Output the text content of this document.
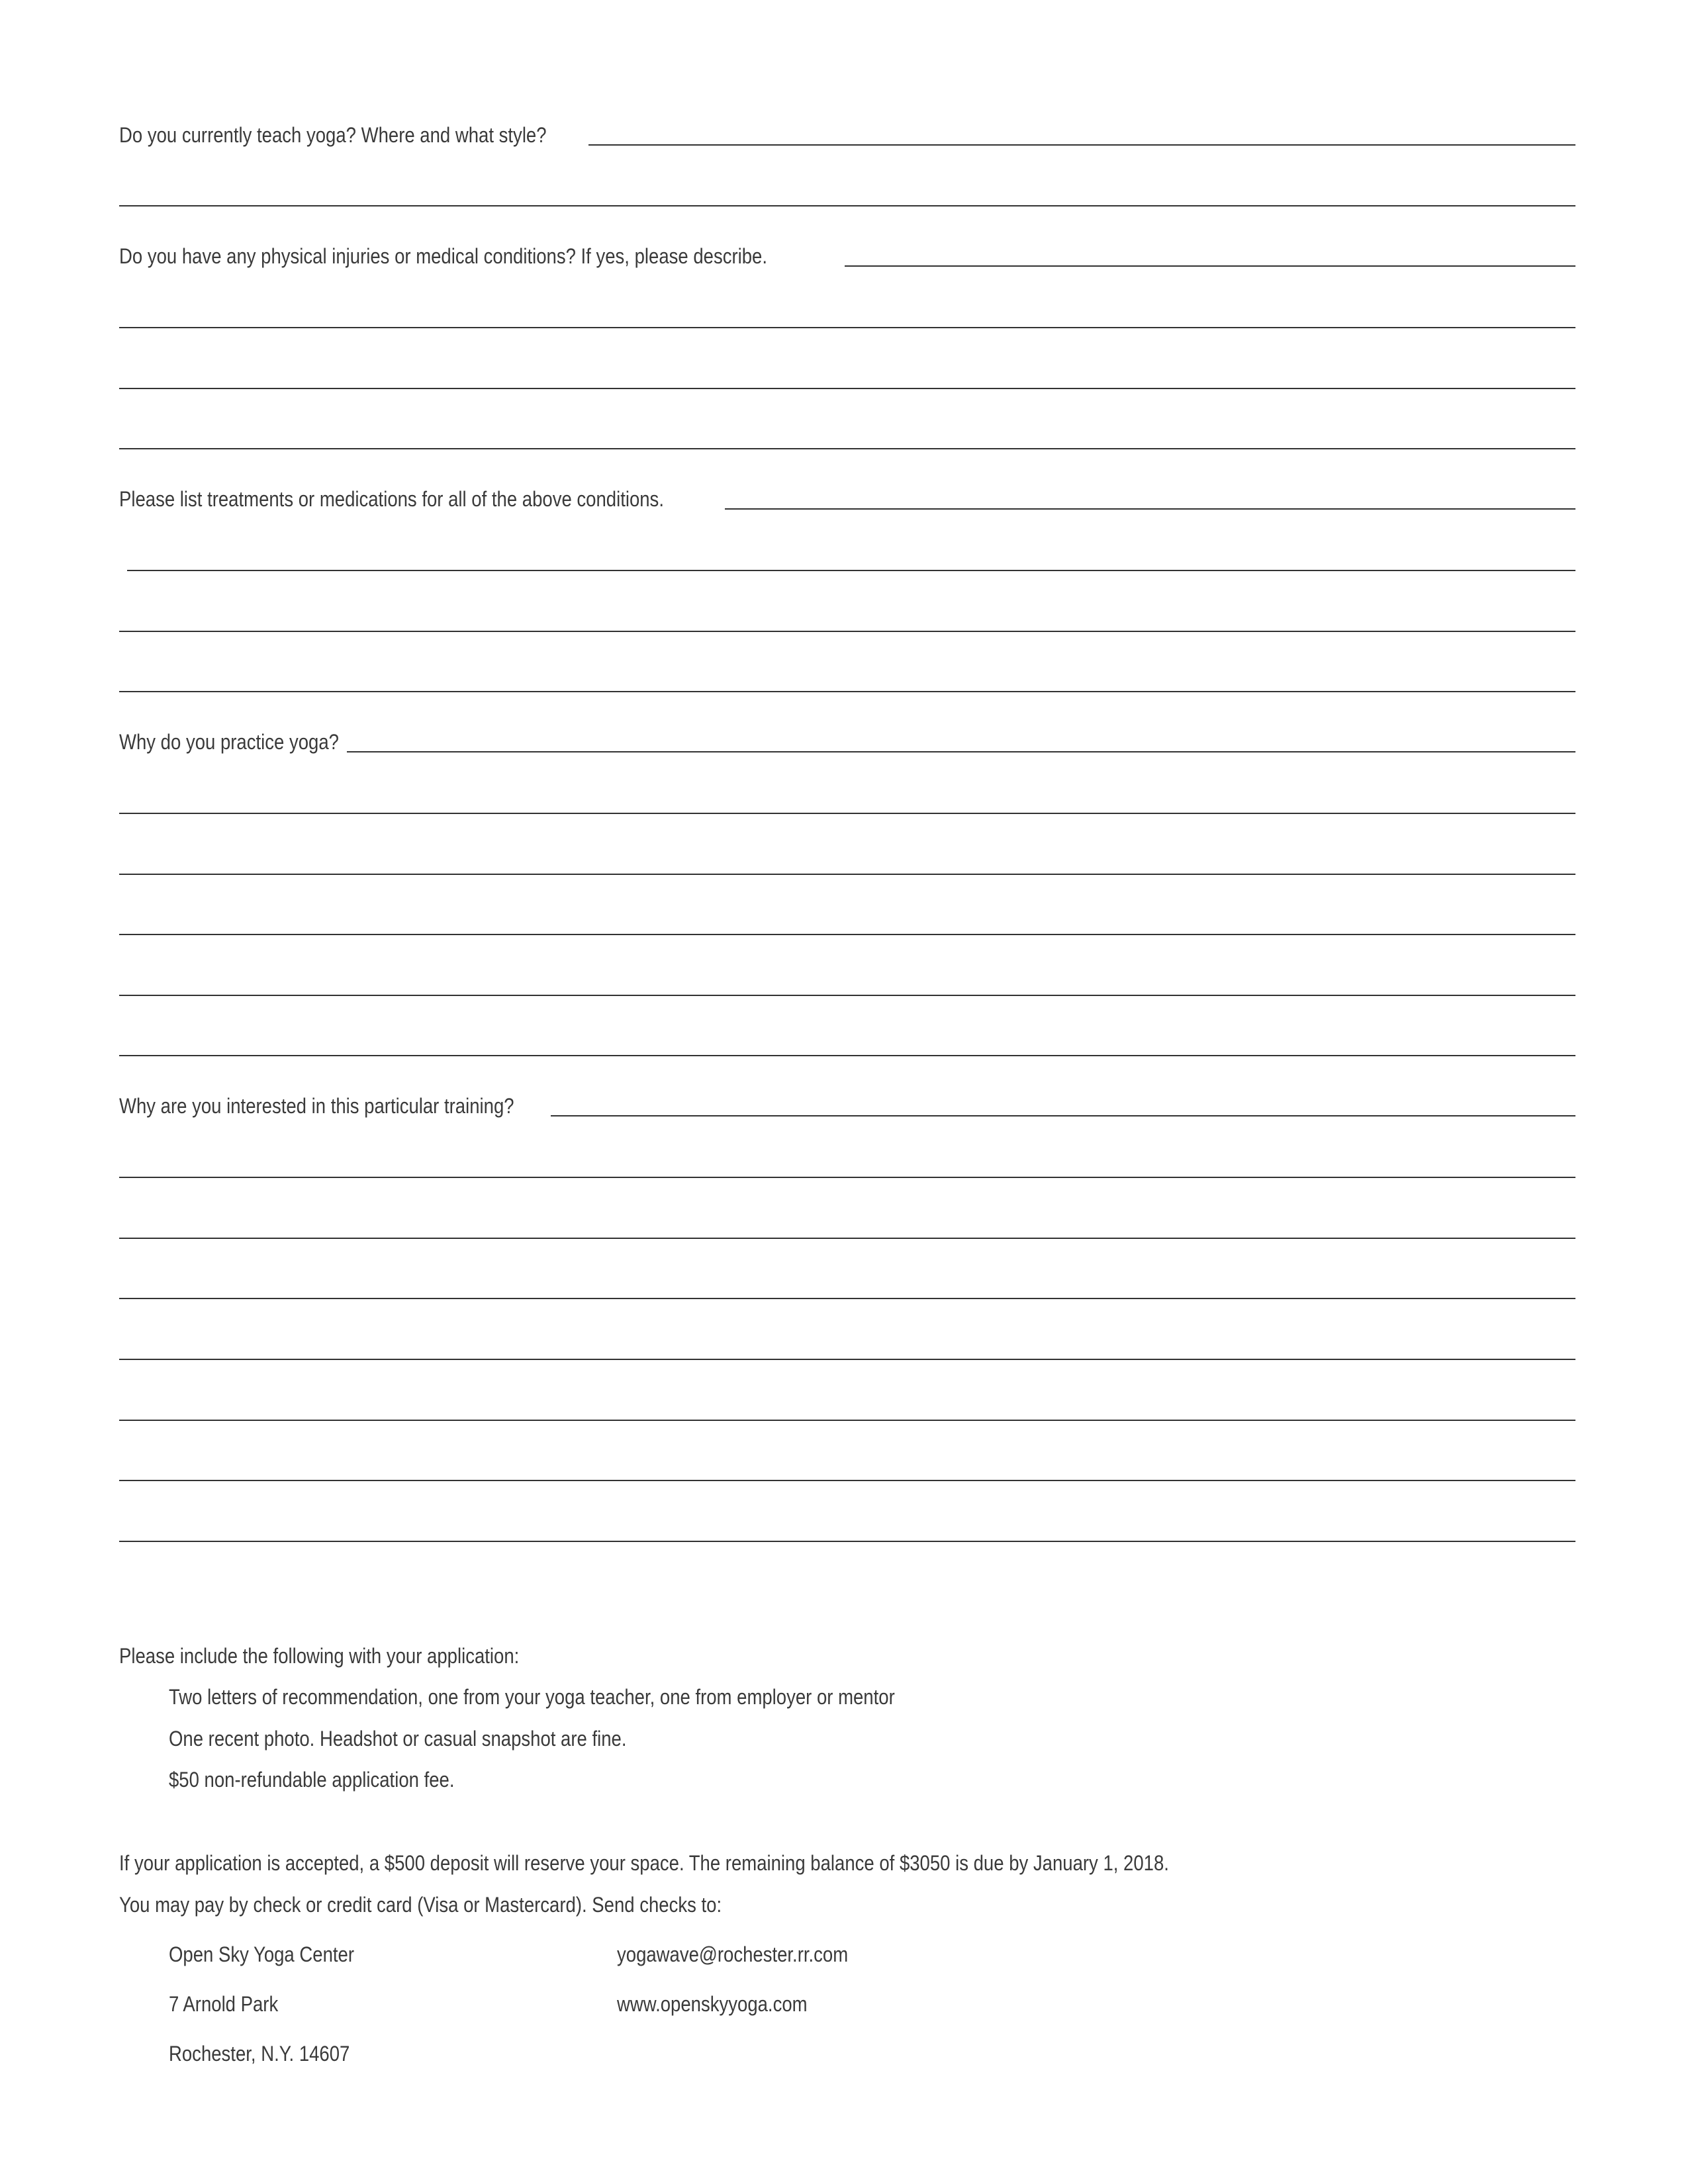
Do you currently teach yoga? Where and what style?
Do you have any physical injuries or medical conditions? If yes, please describe.
Please list treatments or medications for all of the above conditions.
Why do you practice yoga?
Why are you interested in this particular training?
Please include the following with your application:
Two letters of recommendation, one from your yoga teacher, one from employer or mentor
One recent photo. Headshot or casual snapshot are fine.
$50 non-refundable application fee.
If your application is accepted, a $500 deposit will reserve your space. The remaining balance of $3050 is due by January 1, 2018.
You may pay by check or credit card (Visa or Mastercard). Send checks to:
Open Sky Yoga Center
7 Arnold Park
Rochester, N.Y. 14607
yogawave@rochester.rr.com
www.openskyyoga.com
